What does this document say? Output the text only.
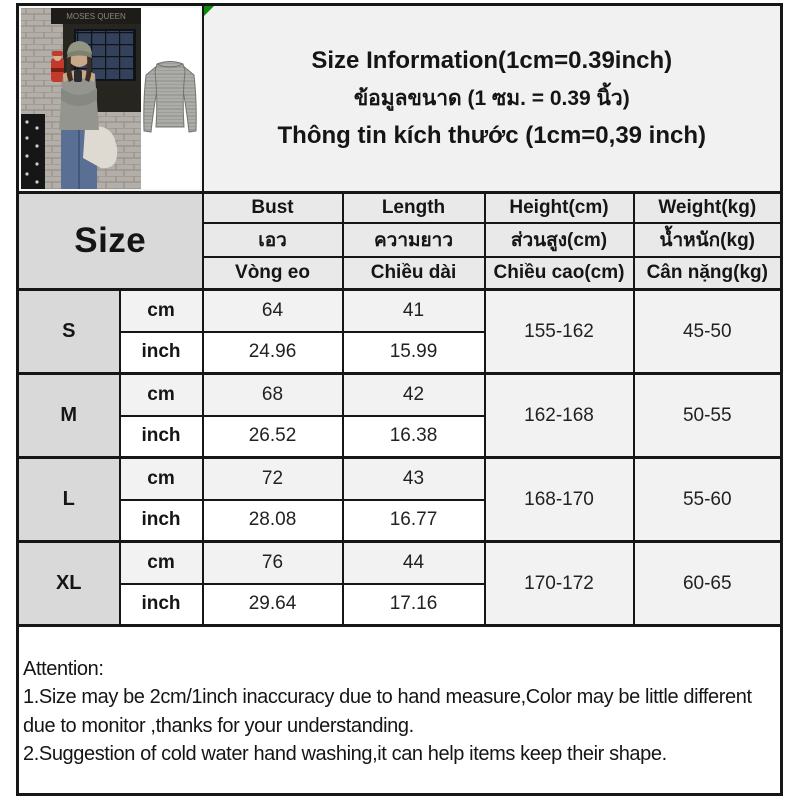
MOSES QUEEN		Size Information(1cm=0.39inch)
ข้อมูลขนาด (1 ซม. = 0.39 นิ้ว)
Thông tin kích thước (1cm=0,39 inch)			

Size		Bust	Length	Height(cm)	Weight(kg)
		เอว	ความยาว	ส่วนสูง(cm)	น้ำหนัก(kg)
		Vòng eo	Chiều dài	Chiều cao(cm)	Cân nặng(kg)
S	cm	64	41	155-162	45-50
	inch	24.96	15.99		
M	cm	68	42	162-168	50-55
	inch	26.52	16.38		
L	cm	72	43	168-170	55-60
	inch	28.08	16.77		
XL	cm	76	44	170-172	60-65
	inch	29.64	17.16		

Attention:
1.Size may be 2cm/1inch inaccuracy due to hand measure,Color may be little different due to monitor ,thanks for your understanding.
2.Suggestion of cold water hand washing,it can help items keep their shape.					
